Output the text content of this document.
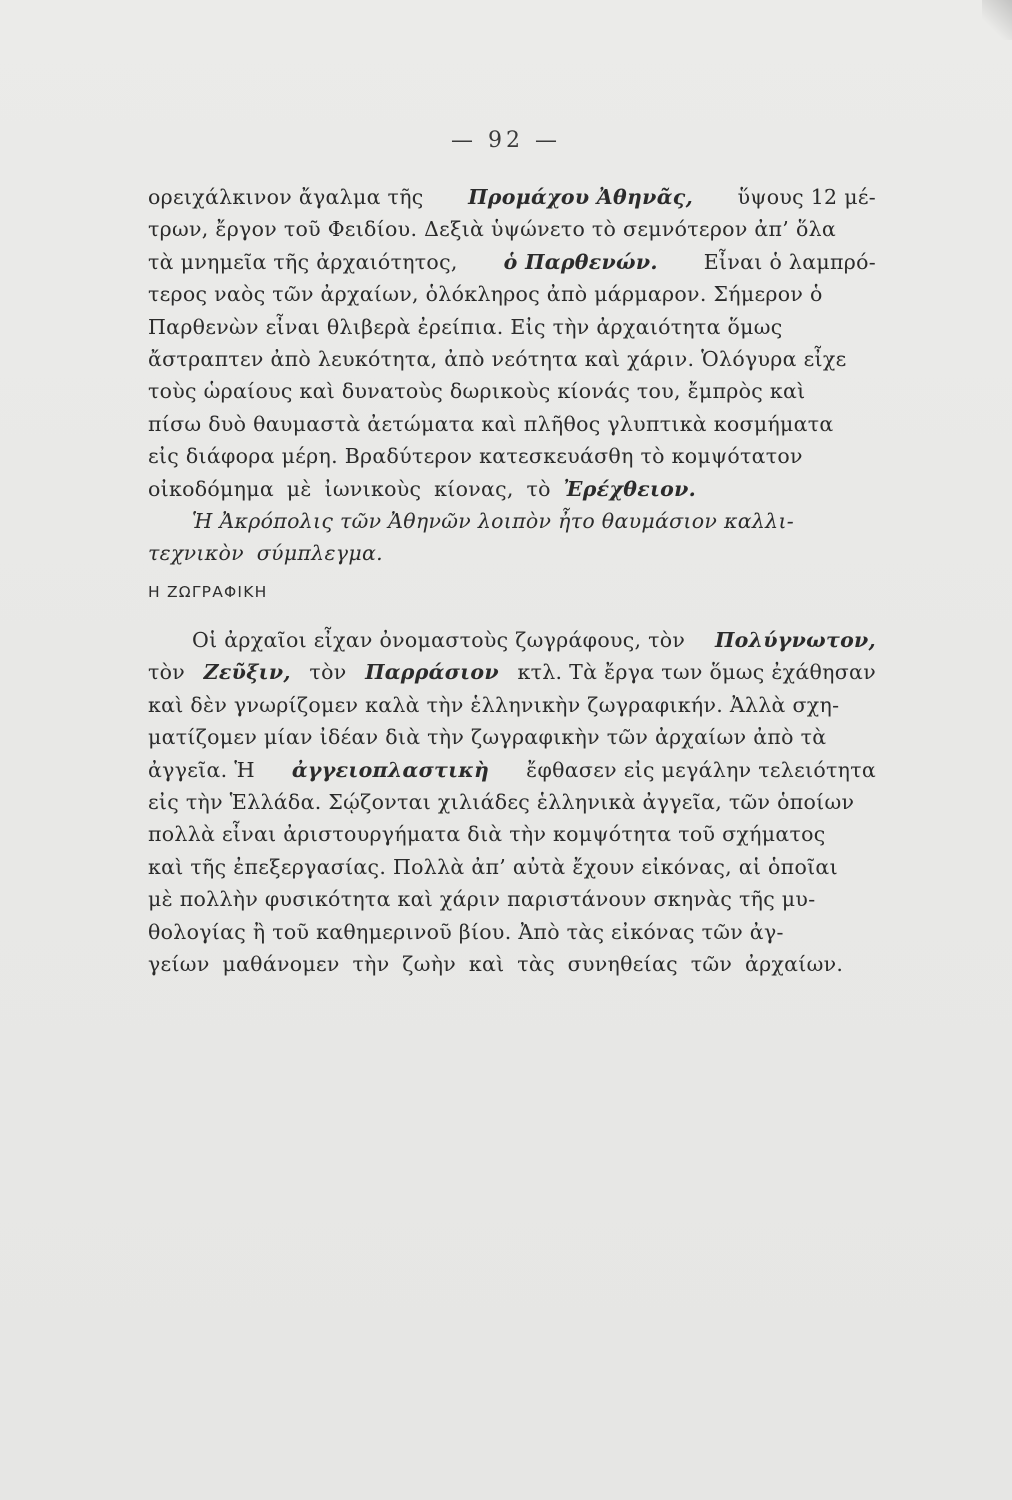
— 92 —
ορειχάλκινον ἄγαλμα τῆς Προμάχου Ἀθηνᾶς, ὕψους 12 μέ-
τρων, ἔργον τοῦ Φειδίου. Δεξιὰ ὑψώνετο τὸ σεμνότερον ἀπ’ ὅλα
τὰ μνημεῖα τῆς ἀρχαιότητος, ὁ Παρθενών. Εἶναι ὁ λαμπρό-
τερος ναὸς τῶν ἀρχαίων, ὁλόκληρος ἀπὸ μάρμαρον. Σήμερον ὁ
Παρθενὼν εἶναι θλιβερὰ ἐρείπια. Εἰς τὴν ἀρχαιότητα ὅμως
ἄστραπτεν ἀπὸ λευκότητα, ἀπὸ νεότητα καὶ χάριν. Ὁλόγυρα εἶχε
τοὺς ὡραίους καὶ δυνατοὺς δωρικοὺς κίονάς του, ἔμπρὸς καὶ
πίσω δυὸ θαυμαστὰ ἀετώματα καὶ πλῆθος γλυπτικὰ κοσμήματα
εἰς διάφορα μέρη. Βραδύτερον κατεσκευάσθη τὸ κομψότατον
οἰκοδόμημα μὲ ἰωνικοὺς κίονας, τὸ
Ἐρέχθειον.
Ἡ Ἀκρόπολις τῶν Ἀθηνῶν λοιπὸν ἦτο θαυμάσιον καλλι-
τεχνικὸν σύμπλεγμα.
Η ΖΩΓΡΑΦΙΚΗ
Οἱ ἀρχαῖοι εἶχαν ὀνομαστοὺς ζωγράφους, τὸν Πολύγνωτον,
τὸν Ζεῦξιν, τὸν Παρράσιον κτλ. Τὰ ἔργα των ὅμως ἐχάθησαν
καὶ δὲν γνωρίζομεν καλὰ τὴν ἑλληνικὴν ζωγραφικήν. Ἀλλὰ σχη-
ματίζομεν μίαν ἰδέαν διὰ τὴν ζωγραφικὴν τῶν ἀρχαίων ἀπὸ τὰ
ἀγγεῖα. Ἡ ἀγγειοπλαστικὴ ἔφθασεν εἰς μεγάλην τελειότητα
εἰς τὴν Ἑλλάδα. Σῴζονται χιλιάδες ἑλληνικὰ ἀγγεῖα, τῶν ὁποίων
πολλὰ εἶναι ἀριστουργήματα διὰ τὴν κομψότητα τοῦ σχήματος
καὶ τῆς ἐπεξεργασίας. Πολλὰ ἀπ’ αὐτὰ ἔχουν εἰκόνας, αἱ ὁποῖαι
μὲ πολλὴν φυσικότητα καὶ χάριν παριστάνουν σκηνὰς τῆς μυ-
θολογίας ἢ τοῦ καθημερινοῦ βίου. Ἀπὸ τὰς εἰκόνας τῶν ἀγ-
γείων μαθάνομεν τὴν ζωὴν καὶ τὰς συνηθείας τῶν ἀρχαίων.
